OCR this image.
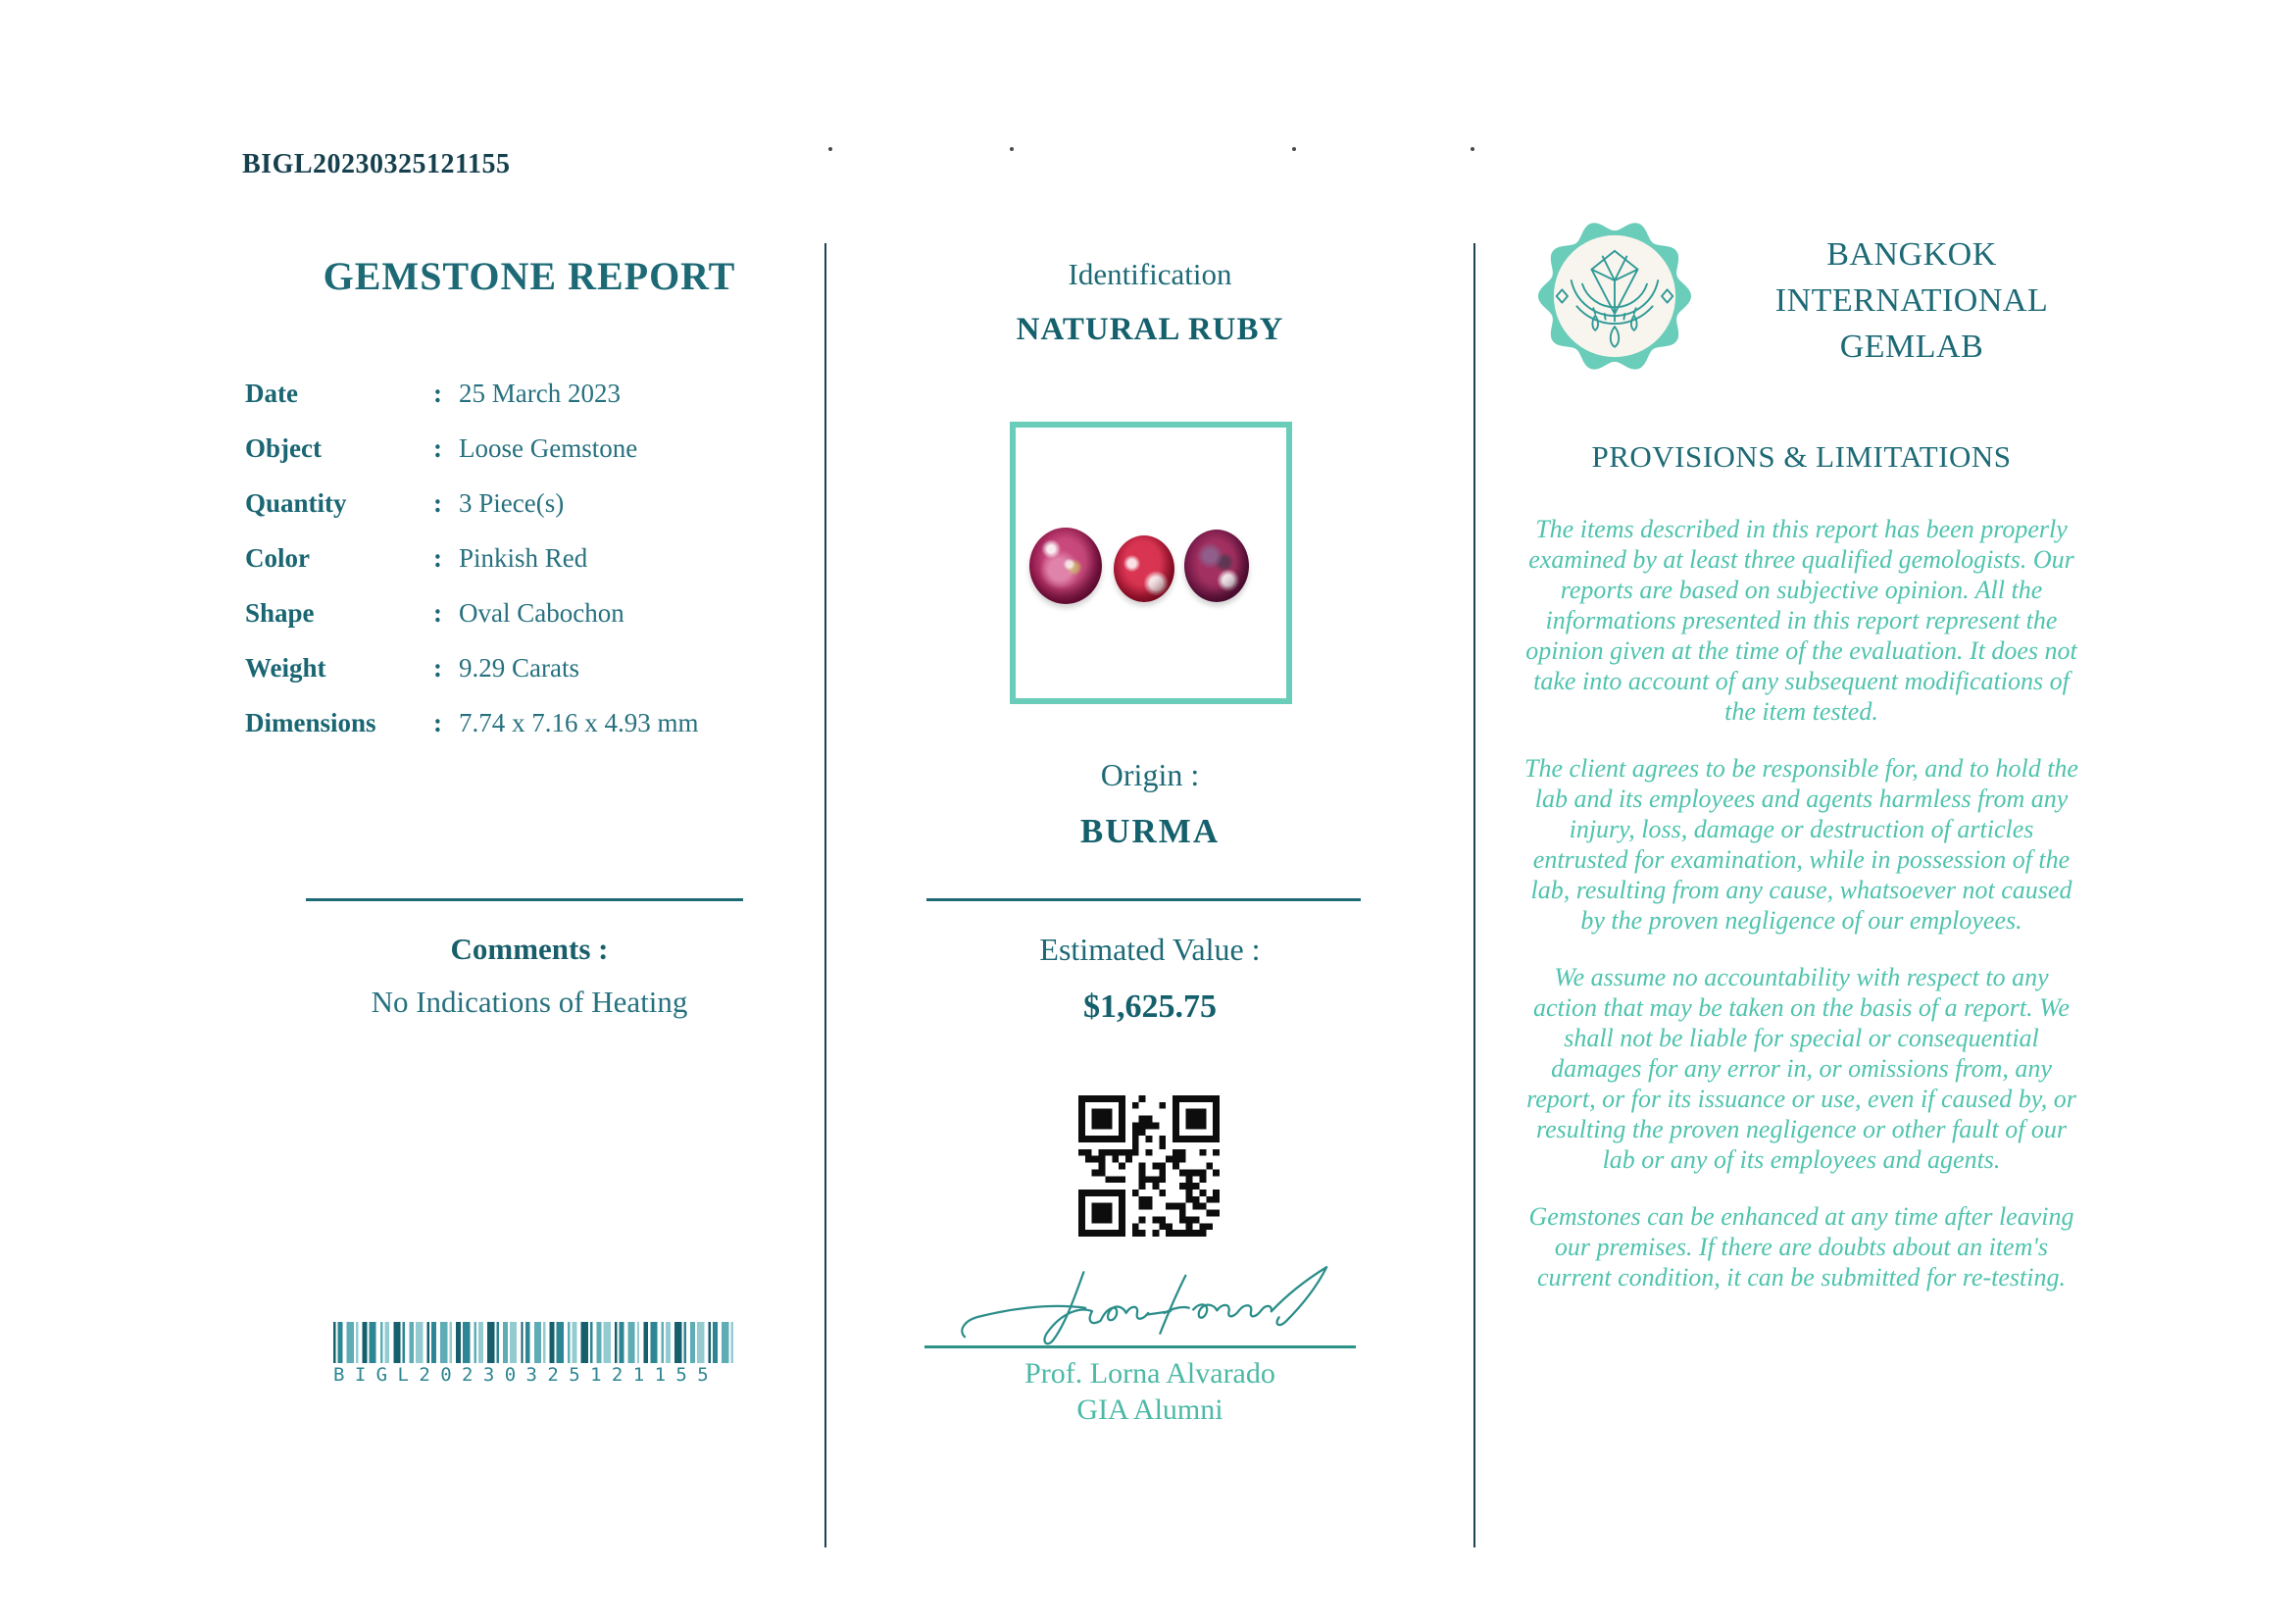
BIGL20230325121155
GEMSTONE REPORT
Date	: 25 March 2023
Object	: Loose Gemstone
Quantity	: 3 Piece(s)
Color	: Pinkish Red
Shape	: Oval Cabochon
Weight	: 9.29 Carats
Dimensions	: 7.74 x 7.16 x 4.93 mm
Comments :
No Indications of Heating
BIGL20230325121155
Identification
NATURAL RUBY
Origin :
BURMA
Estimated Value :
$1,625.75
Prof. Lorna Alvarado
GIA Alumni
BANGKOK
INTERNATIONAL
GEMLAB
PROVISIONS & LIMITATIONS

The items described in this report has been properly examined by at least three qualified gemologists. Our reports are based on subjective opinion. All the informations presented in this report represent the opinion given at the time of the evaluation. It does not take into account of any subsequent modifications of the item tested.

The client agrees to be responsible for, and to hold the lab and its employees and agents harmless from any injury, loss, damage or destruction of articles entrusted for examination, while in possession of the lab, resulting from any cause, whatsoever not caused by the proven negligence of our employees.

We assume no accountability with respect to any action that may be taken on the basis of a report. We shall not be liable for special or consequential damages for any error in, or omissions from, any report, or for its issuance or use, even if caused by, or resulting the proven negligence or other fault of our lab or any of its employees and agents.

Gemstones can be enhanced at any time after leaving our premises. If there are doubts about an item's current condition, it can be submitted for re-testing.
